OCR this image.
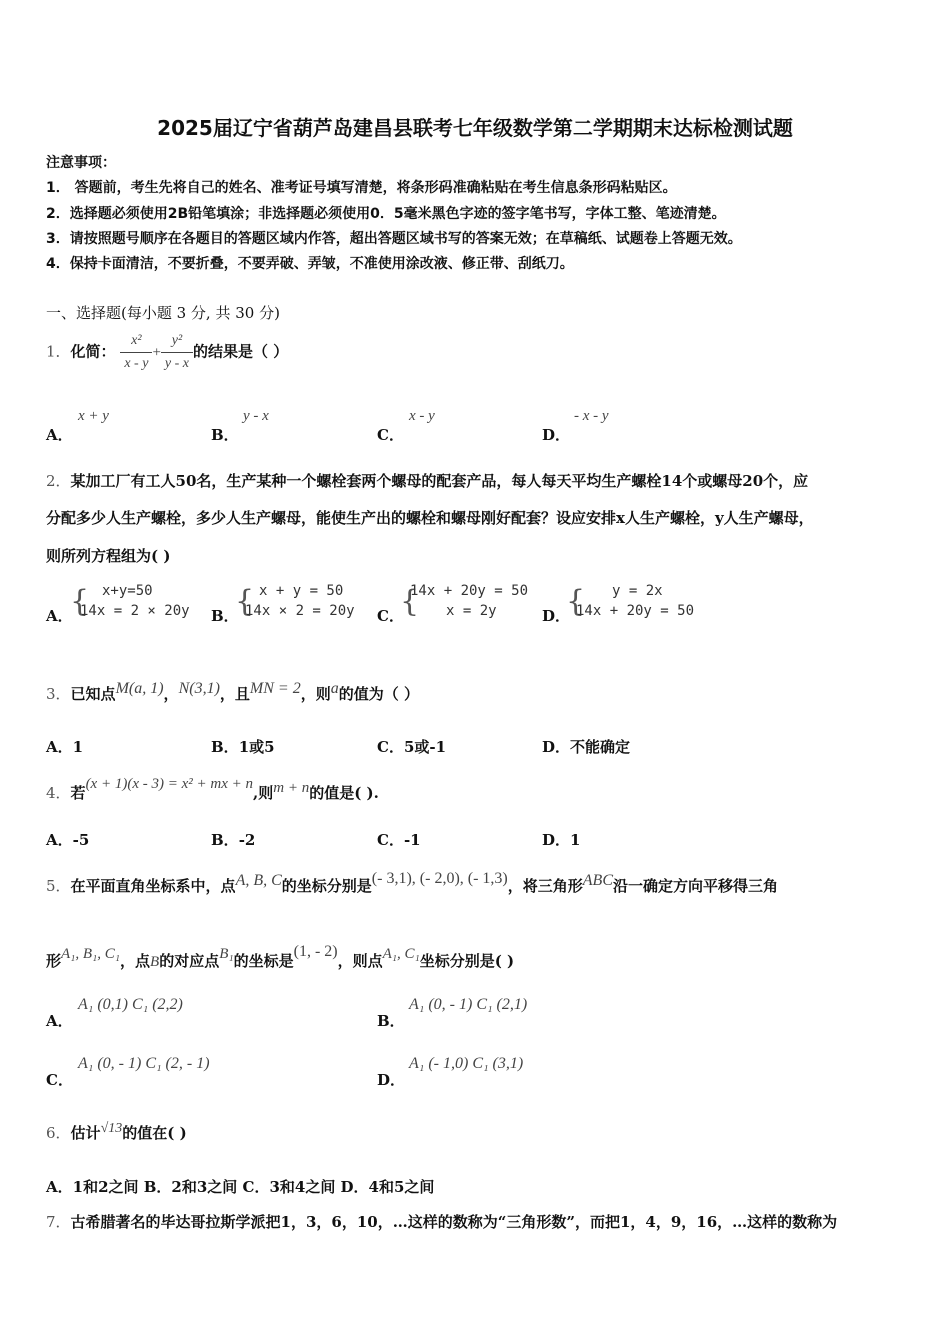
2025届辽宁省葫芦岛建昌县联考七年级数学第二学期期末达标检测试题
注意事项：
1． 答题前，考生先将自己的姓名、准考证号填写清楚，将条形码准确粘贴在考生信息条形码粘贴区。
2．选择题必须使用2B铅笔填涂；非选择题必须使用0．5毫米黑色字迹的签字笔书写，字体工整、笔迹清楚。
3．请按照题号顺序在各题目的答题区域内作答，超出答题区域书写的答案无效；在草稿纸、试题卷上答题无效。
4．保持卡面清洁，不要折叠，不要弄破、弄皱，不准使用涂改液、修正带、刮纸刀。
一、选择题(每小题 3 分, 共 30 分)
1．化简： $\frac{\text{x²}}{x - y} + \frac{\text{y²}}{y - x}$ 的结果是（ ）
A．
x + y
B．
y - x
C．
x - y
D．
- x - y
2．某加工厂有工人50名，生产某种一个螺栓套两个螺母的配套产品，每人每天平均生产螺栓14个或螺母20个，应
分配多少人生产螺栓，多少人生产螺母，能使生产出的螺栓和螺母刚好配套？设应安排x人生产螺栓，y人生产螺母，
则所列方程组为( )
A．
{ x+y=50
14x = 2 × 20y B．
{ x + y = 50
14x × 2 = 20y C．
{
14x + 20y = 50
x = 2y	D．
{	y = 2x
14x + 20y = 50
3．已知点M(a, 1)，N(3,1)，且MN = 2，则a的值为（ ）
A．1	B．1或5	C．5或-1	D．不能确定
4．若(x + 1)(x - 3) = x² + mx + n,则m + n的值是( ).
A．-5	B．-2	C．-1	D．1
5．在平面直角坐标系中，点A, B, C的坐标分别是(- 3,1), (- 2,0), (- 1,3)，将三角形ABC沿一确定方向平移得三角
形A₁, B₁, C₁，点B的对应点B₁的坐标是(1, - 2)，则点A₁, C₁坐标分别是( )
A．
A₁ (0,1) C₁ (2,2)
B．
A₁ (0, - 1) C₁ (2,1)
C．
A₁ (0, - 1) C₁ (2, - 1)
D．
A₁ (- 1,0) C₁ (3,1)
6．估计√13的值在( )
A．1和2之间 B．2和3之间 C．3和4之间 D．4和5之间
7．古希腊著名的毕达哥拉斯学派把1，3，6，10，…这样的数称为“三角形数”，而把1，4，9，16，…这样的数称为
